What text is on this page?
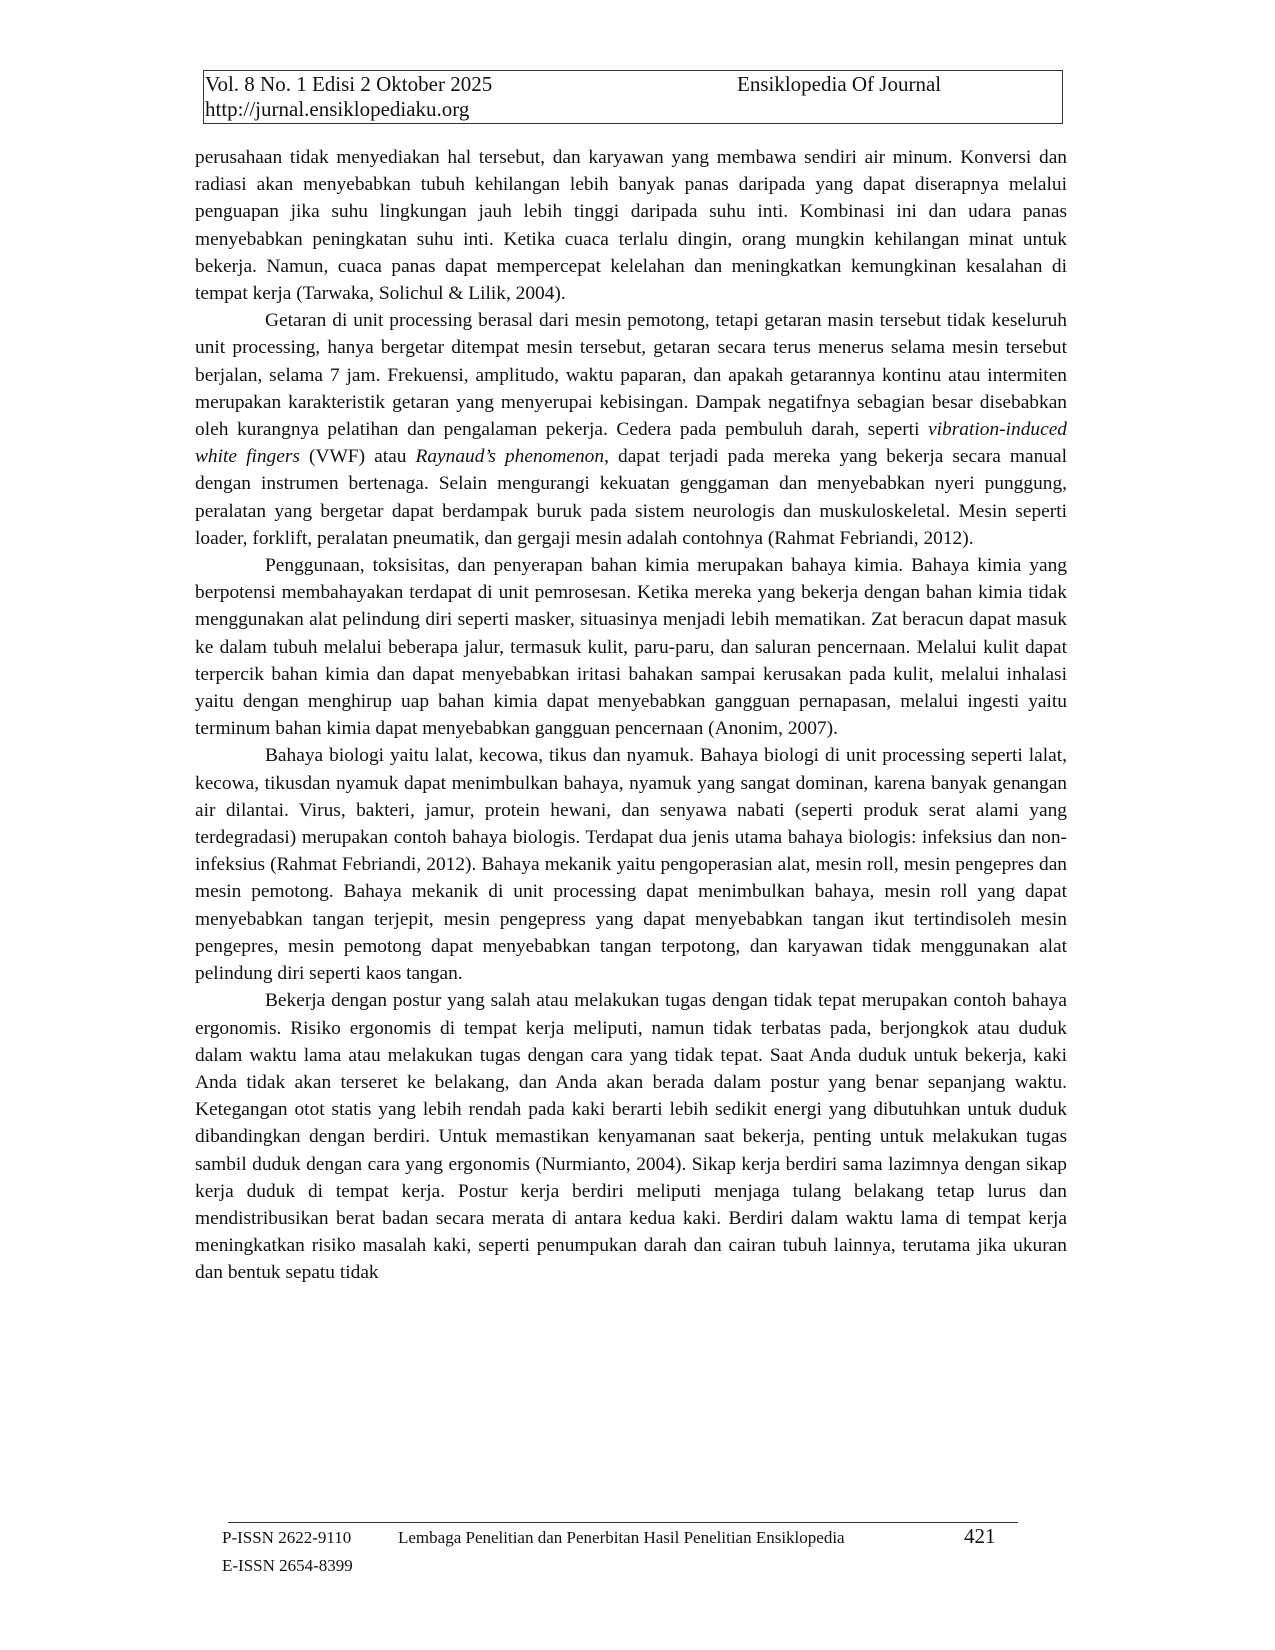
Vol. 8 No. 1 Edisi 2 Oktober 2025	Ensiklopedia Of Journal
http://jurnal.ensiklopediaku.org

perusahaan tidak menyediakan hal tersebut, dan karyawan yang membawa sendiri air minum. Konversi dan radiasi akan menyebabkan tubuh kehilangan lebih banyak panas daripada yang dapat diserapnya melalui penguapan jika suhu lingkungan jauh lebih tinggi daripada suhu inti. Kombinasi ini dan udara panas menyebabkan peningkatan suhu inti. Ketika cuaca terlalu dingin, orang mungkin kehilangan minat untuk bekerja. Namun, cuaca panas dapat mempercepat kelelahan dan meningkatkan kemungkinan kesalahan di tempat kerja (Tarwaka, Solichul & Lilik, 2004).

Getaran di unit processing berasal dari mesin pemotong, tetapi getaran masin tersebut tidak keseluruh unit processing, hanya bergetar ditempat mesin tersebut, getaran secara terus menerus selama mesin tersebut berjalan, selama 7 jam. Frekuensi, amplitudo, waktu paparan, dan apakah getarannya kontinu atau intermiten merupakan karakteristik getaran yang menyerupai kebisingan. Dampak negatifnya sebagian besar disebabkan oleh kurangnya pelatihan dan pengalaman pekerja. Cedera pada pembuluh darah, seperti vibration-induced white fingers (VWF) atau Raynaud’s phenomenon, dapat terjadi pada mereka yang bekerja secara manual dengan instrumen bertenaga. Selain mengurangi kekuatan genggaman dan menyebabkan nyeri punggung, peralatan yang bergetar dapat berdampak buruk pada sistem neurologis dan muskuloskeletal. Mesin seperti loader, forklift, peralatan pneumatik, dan gergaji mesin adalah contohnya (Rahmat Febriandi, 2012).

Penggunaan, toksisitas, dan penyerapan bahan kimia merupakan bahaya kimia. Bahaya kimia yang berpotensi membahayakan terdapat di unit pemrosesan. Ketika mereka yang bekerja dengan bahan kimia tidak menggunakan alat pelindung diri seperti masker, situasinya menjadi lebih mematikan. Zat beracun dapat masuk ke dalam tubuh melalui beberapa jalur, termasuk kulit, paru-paru, dan saluran pencernaan. Melalui kulit dapat terpercik bahan kimia dan dapat menyebabkan iritasi bahakan sampai kerusakan pada kulit, melalui inhalasi yaitu dengan menghirup uap bahan kimia dapat menyebabkan gangguan pernapasan, melalui ingesti yaitu terminum bahan kimia dapat menyebabkan gangguan pencernaan (Anonim, 2007).

Bahaya biologi yaitu lalat, kecowa, tikus dan nyamuk. Bahaya biologi di unit processing seperti lalat, kecowa, tikusdan nyamuk dapat menimbulkan bahaya, nyamuk yang sangat dominan, karena banyak genangan air dilantai. Virus, bakteri, jamur, protein hewani, dan senyawa nabati (seperti produk serat alami yang terdegradasi) merupakan contoh bahaya biologis. Terdapat dua jenis utama bahaya biologis: infeksius dan non-infeksius (Rahmat Febriandi, 2012). Bahaya mekanik yaitu pengoperasian alat, mesin roll, mesin pengepres dan mesin pemotong. Bahaya mekanik di unit processing dapat menimbulkan bahaya, mesin roll yang dapat menyebabkan tangan terjepit, mesin pengepress yang dapat menyebabkan tangan ikut tertindisoleh mesin pengepres, mesin pemotong dapat menyebabkan tangan terpotong, dan karyawan tidak menggunakan alat pelindung diri seperti kaos tangan.

Bekerja dengan postur yang salah atau melakukan tugas dengan tidak tepat merupakan contoh bahaya ergonomis. Risiko ergonomis di tempat kerja meliputi, namun tidak terbatas pada, berjongkok atau duduk dalam waktu lama atau melakukan tugas dengan cara yang tidak tepat. Saat Anda duduk untuk bekerja, kaki Anda tidak akan terseret ke belakang, dan Anda akan berada dalam postur yang benar sepanjang waktu. Ketegangan otot statis yang lebih rendah pada kaki berarti lebih sedikit energi yang dibutuhkan untuk duduk dibandingkan dengan berdiri. Untuk memastikan kenyamanan saat bekerja, penting untuk melakukan tugas sambil duduk dengan cara yang ergonomis (Nurmianto, 2004). Sikap kerja berdiri sama lazimnya dengan sikap kerja duduk di tempat kerja. Postur kerja berdiri meliputi menjaga tulang belakang tetap lurus dan mendistribusikan berat badan secara merata di antara kedua kaki. Berdiri dalam waktu lama di tempat kerja meningkatkan risiko masalah kaki, seperti penumpukan darah dan cairan tubuh lainnya, terutama jika ukuran dan bentuk sepatu tidak

P-ISSN 2622-9110	Lembaga Penelitian dan Penerbitan Hasil Penelitian Ensiklopedia	421
E-ISSN 2654-8399
